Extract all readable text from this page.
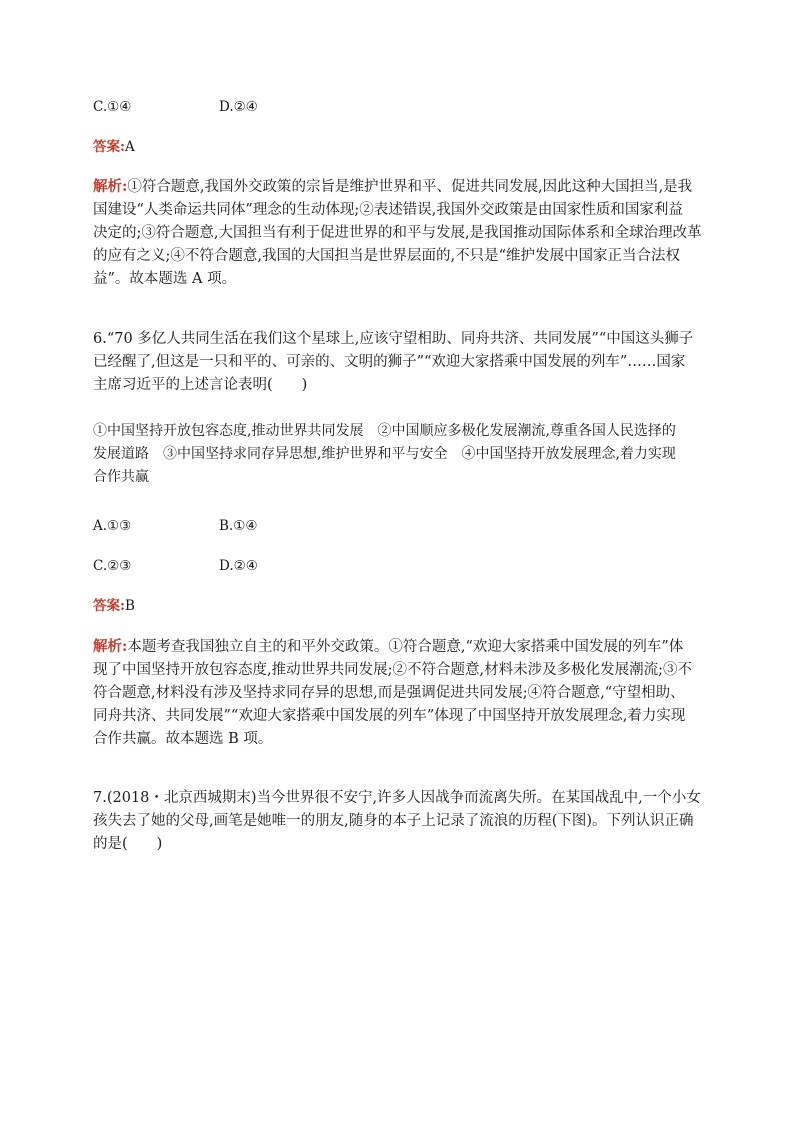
C.①④	D.②④
答案:A

解析:①符合题意,我国外交政策的宗旨是维护世界和平、促进共同发展,因此这种大国担当,是我

国建设“人类命运共同体”理念的生动体现;②表述错误,我国外交政策是由国家性质和国家利益

决定的;③符合题意,大国担当有利于促进世界的和平与发展,是我国推动国际体系和全球治理改革

的应有之义;④不符合题意,我国的大国担当是世界层面的,不只是“维护发展中国家正当合法权

益”。故本题选 A 项。

6.“70 多亿人共同生活在我们这个星球上,应该守望相助、同舟共济、共同发展”“中国这头狮子

已经醒了,但这是一只和平的、可亲的、文明的狮子”“欢迎大家搭乘中国发展的列车”……国家

主席习近平的上述言论表明(　　)

①中国坚持开放包容态度,推动世界共同发展　②中国顺应多极化发展潮流,尊重各国人民选择的

发展道路　③中国坚持求同存异思想,维护世界和平与安全　④中国坚持开放发展理念,着力实现

合作共赢

A.①③	B.①④
C.②③	D.②④
答案:B

解析:本题考查我国独立自主的和平外交政策。①符合题意,“欢迎大家搭乘中国发展的列车”体

现了中国坚持开放包容态度,推动世界共同发展;②不符合题意,材料未涉及多极化发展潮流;③不

符合题意,材料没有涉及坚持求同存异的思想,而是强调促进共同发展;④符合题意,“守望相助、

同舟共济、共同发展”“欢迎大家搭乘中国发展的列车”体现了中国坚持开放发展理念,着力实现

合作共赢。故本题选 B 项。

7.(2018・北京西城期末)当今世界很不安宁,许多人因战争而流离失所。在某国战乱中,一个小女

孩失去了她的父母,画笔是她唯一的朋友,随身的本子上记录了流浪的历程(下图)。下列认识正确

的是(　　)
